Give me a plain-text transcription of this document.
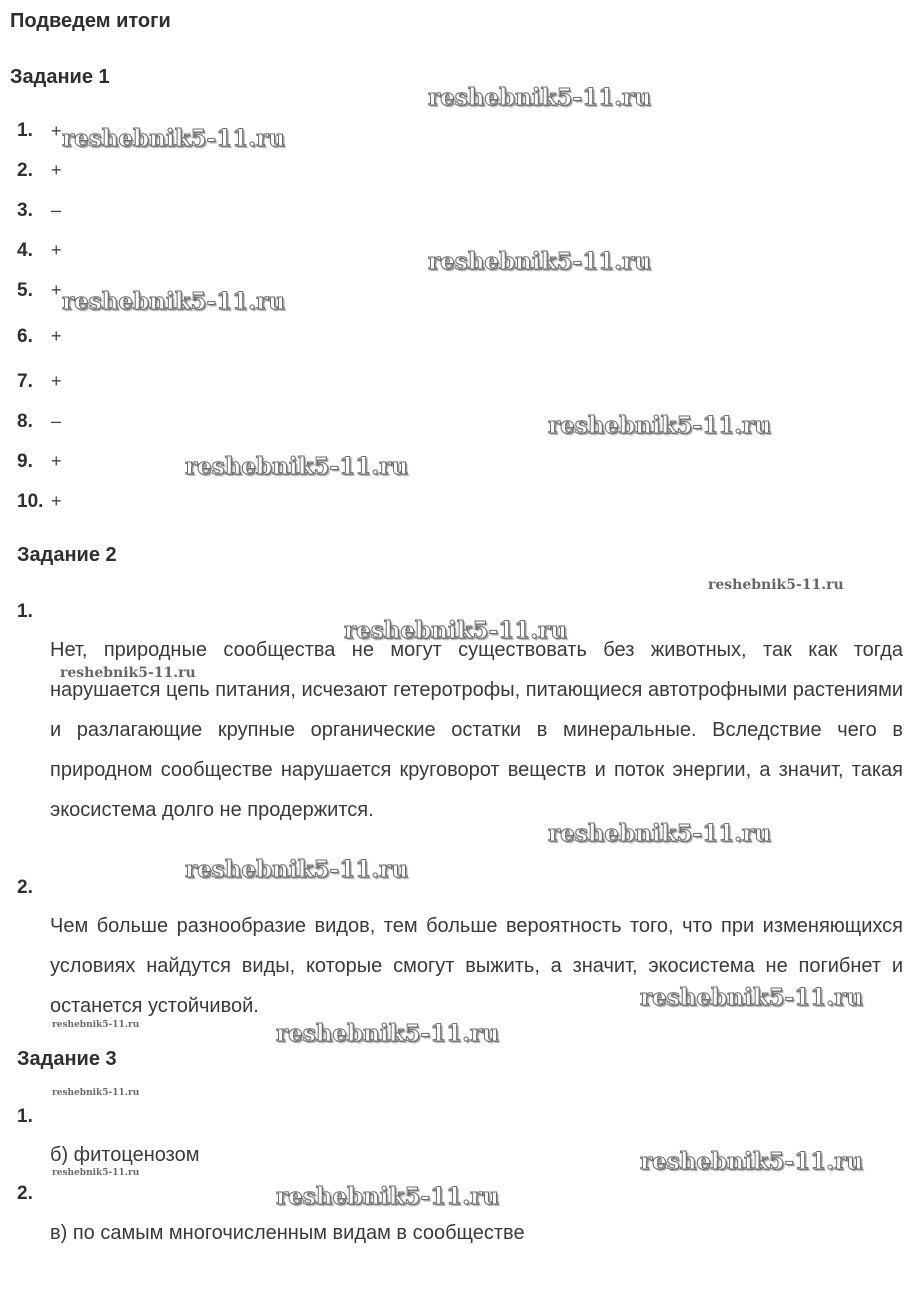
Подведем итоги
Задание 1
1. +
2. +
3. –
4. +
5. +
6. +
7. +
8. –
9. +
10. +
Задание 2
1.
Нет, природные сообщества не могут существовать без животных, так как тогда нарушается цепь питания, исчезают гетеротрофы, питающиеся автотрофными растениями и разлагающие крупные органические остатки в минеральные. Вследствие чего в природном сообществе нарушается круговорот веществ и поток энергии, а значит, такая экосистема долго не продержится.
2.
Чем больше разнообразие видов, тем больше вероятность того, что при изменяющихся условиях найдутся виды, которые смогут выжить, а значит, экосистема не погибнет и останется устойчивой.
Задание 3
1.
б) фитоценозом
2.
в) по самым многочисленным видам в сообществе
reshebnik5-11.ru
reshebnik5-11.ru
reshebnik5-11.ru
reshebnik5-11.ru
reshebnik5-11.ru
reshebnik5-11.ru
reshebnik5-11.ru
reshebnik5-11.ru
reshebnik5-11.ru
reshebnik5-11.ru
reshebnik5-11.ru
reshebnik5-11.ru
reshebnik5-11.ru	reshebnik5-11.ru
reshebnik5-11.ru
reshebnik5-11.ru
reshebnik5-11.ru
reshebnik5-11.ru
